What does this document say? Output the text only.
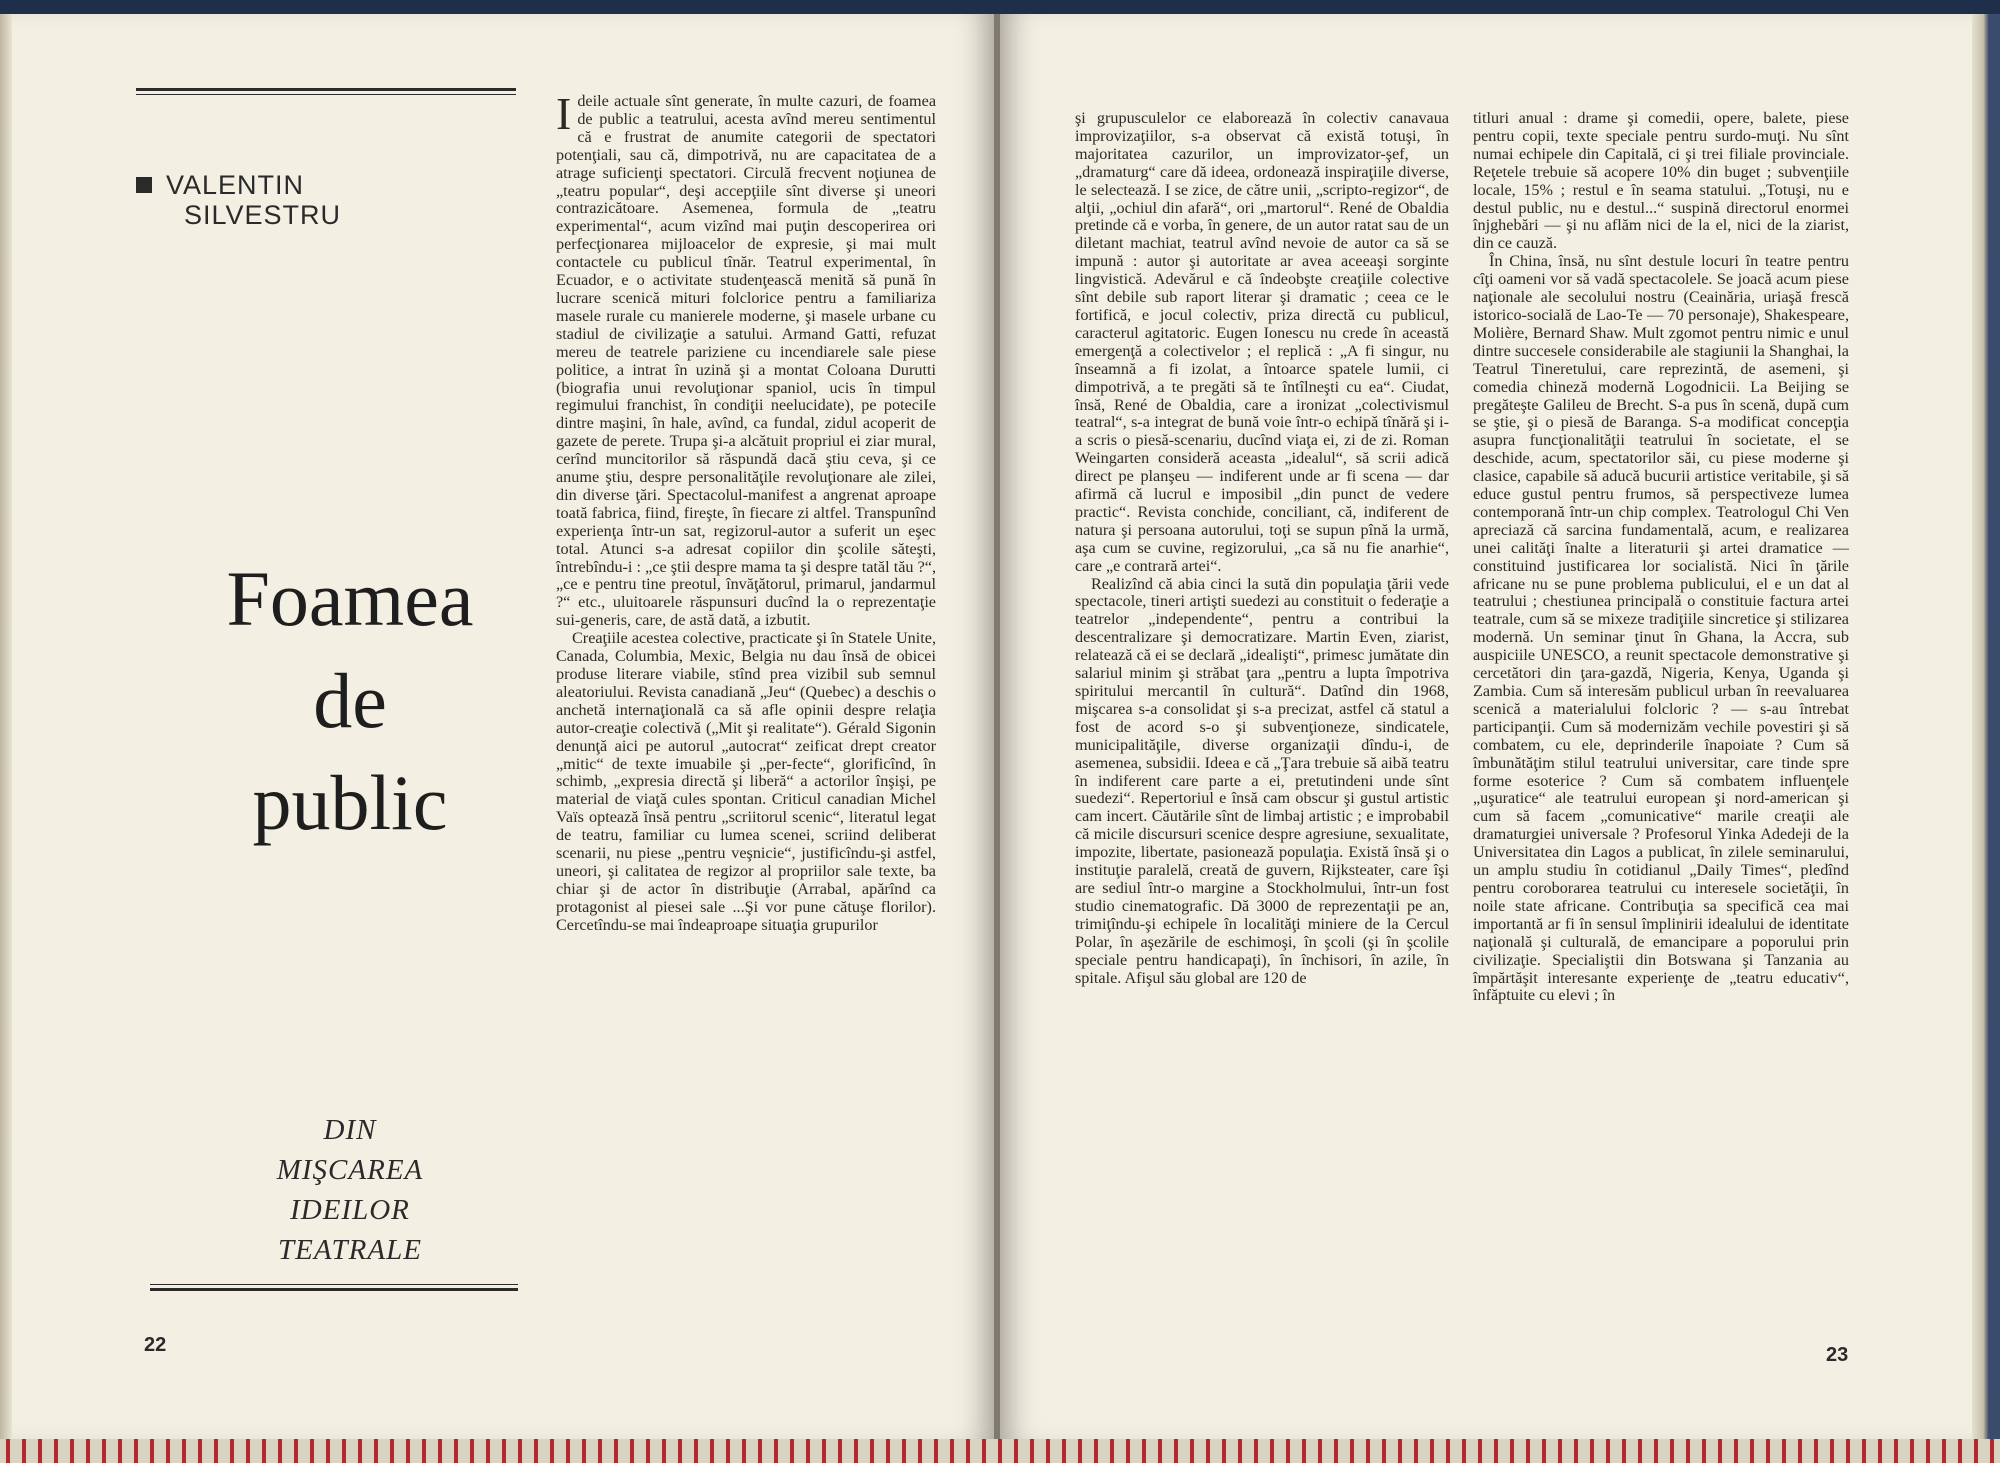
VALENTIN
SILVESTRU
Foamea
de
public
DIN
MIŞCAREA
IDEILOR
TEATRALE

Ideile actuale sînt generate, în multe cazuri, de foamea de public a teatrului, acesta avînd mereu sentimentul că e frustrat de anumite categorii de spectatori potenţiali, sau că, dimpotrivă, nu are capacitatea de a atrage suficienţi spectatori. Circulă frecvent noţiunea de „teatru popular“, deşi accepţiile sînt diverse şi uneori contrazicătoare. Asemenea, formula de „teatru experimental“, acum vizînd mai puţin descoperirea ori perfecţionarea mijloacelor de expresie, şi mai mult contactele cu publicul tînăr. Teatrul experimental, în Ecuador, e o activitate studenţească menită să pună în lucrare scenică mituri folclorice pentru a familiariza masele rurale cu manierele moderne, şi masele urbane cu stadiul de civilizaţie a satului. Armand Gatti, refuzat mereu de teatrele pariziene cu incendiarele sale piese politice, a intrat în uzină şi a montat Coloana Durutti (biografia unui revoluţionar spaniol, ucis în timpul regimului franchist, în condiţii neelucidate), pe poteciIe dintre maşini, în hale, avînd, ca fundal, zidul acoperit de gazete de perete. Trupa şi-a alcătuit propriul ei ziar mural, cerînd muncitorilor să răspundă dacă ştiu ceva, şi ce anume ştiu, despre personalităţile revoluţionare ale zilei, din diverse ţări. Spectacolul-manifest a angrenat aproape toată fabrica, fiind, fireşte, în fiecare zi altfel. Transpunînd experienţa într-un sat, regizorul-autor a suferit un eşec total. Atunci s-a adresat copiilor din şcolile săteşti, întrebîndu-i : „ce ştii despre mama ta şi despre tatăl tău ?“, „ce e pentru tine preotul, învăţătorul, primarul, jandarmul ?“ etc., uluitoarele răspunsuri ducînd la o reprezentaţie sui-generis, care, de astă dată, a izbutit.

Creaţiile acestea colective, practicate şi în Statele Unite, Canada, Columbia, Mexic, Belgia nu dau însă de obicei produse literare viabile, stînd prea vizibil sub semnul aleatoriului. Revista canadiană „Jeu“ (Quebec) a deschis o anchetă internaţională ca să afle opinii despre relaţia autor-creaţie colectivă („Mit şi realitate“). Gérald Sigonin denunţă aici pe autorul „autocrat“ zeificat drept creator „mitic“ de texte imuabile şi „per-fecte“, glorificînd, în schimb, „expresia directă şi liberă“ a actorilor înşişi, pe material de viaţă cules spontan. Criticul canadian Michel Vaïs optează însă pentru „scriitorul scenic“, literatul legat de teatru, familiar cu lumea scenei, scriind deliberat scenarii, nu piese „pentru veşnicie“, justificîndu-şi astfel, uneori, şi calitatea de regizor al propriilor sale texte, ba chiar şi de actor în distribuţie (Arrabal, apărînd ca protagonist al piesei sale ...Şi vor pune cătuşe florilor). Cercetîndu-se mai îndeaproape situaţia grupurilor

22

şi grupusculelor ce elaborează în colectiv canavaua improvizaţiilor, s-a observat că există totuşi, în majoritatea cazurilor, un improvizator-şef, un „dramaturg“ care dă ideea, ordonează inspiraţiile diverse, le selectează. I se zice, de către unii, „scripto-regizor“, de alţii, „ochiul din afară“, ori „martorul“. René de Obaldia pretinde că e vorba, în genere, de un autor ratat sau de un diletant machiat, teatrul avînd nevoie de autor ca să se impună : autor şi autoritate ar avea aceeaşi sorginte lingvistică. Adevărul e că îndeobşte creaţiile colective sînt debile sub raport literar şi dramatic ; ceea ce le fortifică, e jocul colectiv, priza directă cu publicul, caracterul agitatoric. Eugen Ionescu nu crede în această emergenţă a colectivelor ; el replică : „A fi singur, nu înseamnă a fi izolat, a întoarce spatele lumii, ci dimpotrivă, a te pregăti să te întîlneşti cu ea“. Ciudat, însă, René de Obaldia, care a ironizat „colectivismul teatral“, s-a integrat de bună voie într-o echipă tînără şi i-a scris o piesă-scenariu, ducînd viaţa ei, zi de zi. Roman Weingarten consideră aceasta „idealul“, să scrii adică direct pe planşeu — indiferent unde ar fi scena — dar afirmă că lucrul e imposibil „din punct de vedere practic“. Revista conchide, conciliant, că, indiferent de natura şi persoana autorului, toţi se supun pînă la urmă, aşa cum se cuvine, regizorului, „ca să nu fie anarhie“, care „e contrară artei“.

Realizînd că abia cinci la sută din populaţia ţării vede spectacole, tineri artişti suedezi au constituit o federaţie a teatrelor „independente“, pentru a contribui la descentralizare şi democratizare. Martin Even, ziarist, relatează că ei se declară „idealişti“, primesc jumătate din salariul minim şi străbat ţara „pentru a lupta împotriva spiritului mercantil în cultură“. Datînd din 1968, mişcarea s-a consolidat şi s-a precizat, astfel că statul a fost de acord s-o şi subvenţioneze, sindicatele, municipalităţile, diverse organizaţii dîndu-i, de asemenea, subsidii. Ideea e că „Ţara trebuie să aibă teatru în indiferent care parte a ei, pretutindeni unde sînt suedezi“. Repertoriul e însă cam obscur şi gustul artistic cam incert. Căutările sînt de limbaj artistic ; e improbabil că micile discursuri scenice despre agresiune, sexualitate, impozite, libertate, pasionează populaţia. Există însă şi o instituţie paralelă, creată de guvern, Rijksteater, care îşi are sediul într-o margine a Stockholmului, într-un fost studio cinematografic. Dă 3000 de reprezentaţii pe an, trimiţîndu-şi echipele în localităţi miniere de la Cercul Polar, în aşezările de eschimoşi, în şcoli (şi în şcolile speciale pentru handicapaţi), în închisori, în azile, în spitale. Afişul său global are 120 de

titluri anual : drame şi comedii, opere, balete, piese pentru copii, texte speciale pentru surdo-muţi. Nu sînt numai echipele din Capitală, ci şi trei filiale provinciale. Reţetele trebuie să acopere 10% din buget ; subvenţiile locale, 15% ; restul e în seama statului. „Totuşi, nu e destul public, nu e destul...“ suspină directorul enormei înjghebări — şi nu aflăm nici de la el, nici de la ziarist, din ce cauză.

În China, însă, nu sînt destule locuri în teatre pentru cîţi oameni vor să vadă spectacolele. Se joacă acum piese naţionale ale secolului nostru (Ceainăria, uriaşă frescă istorico-socială de Lao-Te — 70 personaje), Shakespeare, Molière, Bernard Shaw. Mult zgomot pentru nimic e unul dintre succesele considerabile ale stagiunii la Shanghai, la Teatrul Tineretului, care reprezintă, de asemeni, şi comedia chineză modernă Logodnicii. La Beijing se pregăteşte Galileu de Brecht. S-a pus în scenă, după cum se ştie, şi o piesă de Baranga. S-a modificat concepţia asupra funcţionalităţii teatrului în societate, el se deschide, acum, spectatorilor săi, cu piese moderne şi clasice, capabile să aducă bucurii artistice veritabile, şi să educe gustul pentru frumos, să perspectiveze lumea contemporană într-un chip complex. Teatrologul Chi Ven apreciază că sarcina fundamentală, acum, e realizarea unei calităţi înalte a literaturii şi artei dramatice — constituind justificarea lor socialistă. Nici în ţările africane nu se pune problema publicului, el e un dat al teatrului ; chestiunea principală o constituie factura artei teatrale, cum să se mixeze tradiţiile sincretice şi stilizarea modernă. Un seminar ţinut în Ghana, la Accra, sub auspiciile UNESCO, a reunit spectacole demonstrative şi cercetători din ţara-gazdă, Nigeria, Kenya, Uganda şi Zambia. Cum să interesăm publicul urban în reevaluarea scenică a materialului folcloric ? — s-au întrebat participanţii. Cum să modernizăm vechile povestiri şi să combatem, cu ele, deprinderile înapoiate ? Cum să îmbunătăţim stilul teatrului universitar, care tinde spre forme esoterice ? Cum să combatem influenţele „uşuratice“ ale teatrului european şi nord-american şi cum să facem „comunicative“ marile creaţii ale dramaturgiei universale ? Profesorul Yinka Adedeji de la Universitatea din Lagos a publicat, în zilele seminarului, un amplu studiu în cotidianul „Daily Times“, pledînd pentru coroborarea teatrului cu interesele societăţii, în noile state africane. Contribuţia sa specifică cea mai importantă ar fi în sensul împlinirii idealului de identitate naţională şi culturală, de emancipare a poporului prin civilizaţie. Specialiştii din Botswana şi Tanzania au împărtăşit interesante experienţe de „teatru educativ“, înfăptuite cu elevi ; în

23
